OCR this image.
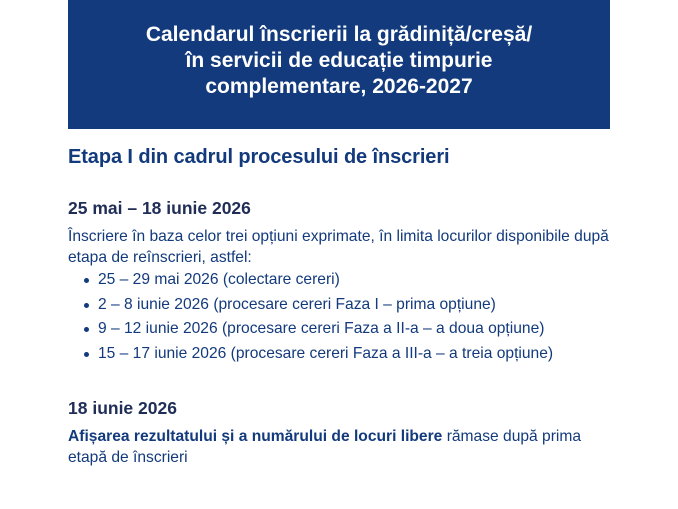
Calendarul înscrierii la grădiniță/creșă/
în servicii de educație timpurie
complementare, 2026-2027
Etapa I din cadrul procesului de înscrieri
25 mai – 18 iunie 2026

Înscriere în baza celor trei opțiuni exprimate, în limita locurilor disponibile după etapa de reînscrieri, astfel:

25 – 29 mai 2026 (colectare cereri)
2 – 8 iunie 2026 (procesare cereri Faza I – prima opțiune)
9 – 12 iunie 2026 (procesare cereri Faza a II-a – a doua opțiune)
15 – 17 iunie 2026 (procesare cereri Faza a III-a – a treia opțiune)
18 iunie 2026

Afișarea rezultatului și a numărului de locuri libere rămase după prima etapă de înscrieri
